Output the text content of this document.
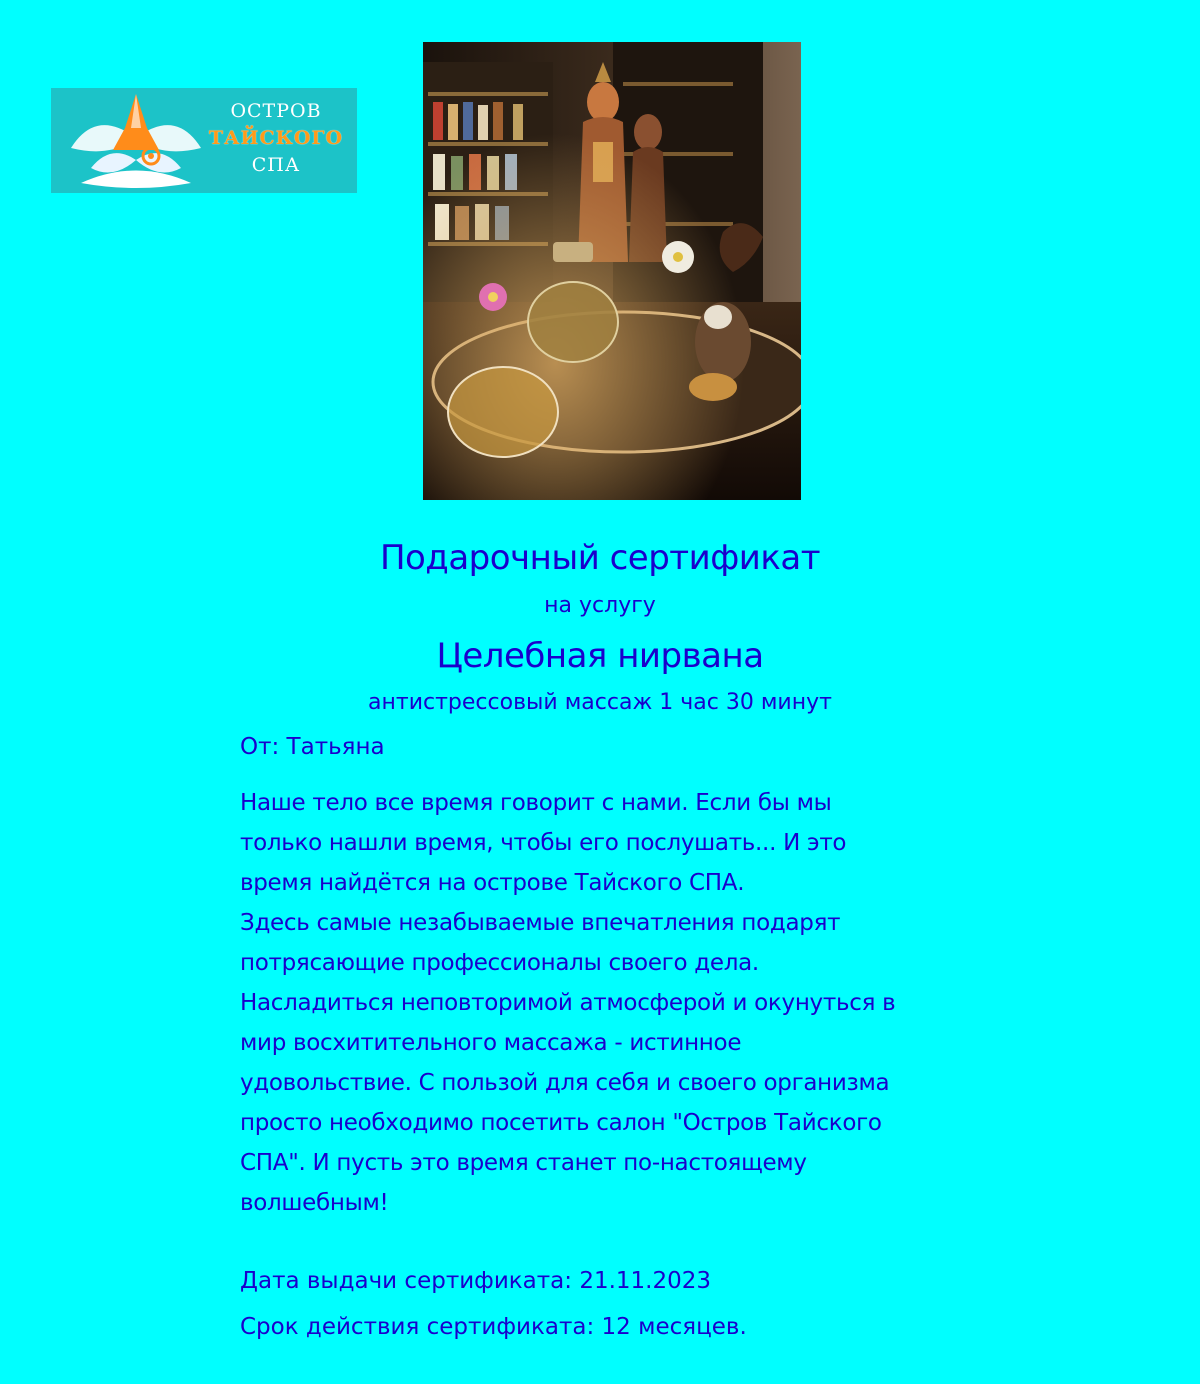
ОСТРОВ
ТАЙСКОГО
СПА
Подарочный сертификат
на услугу
Целебная нирвана
антистрессовый массаж 1 час 30 минут
От: Татьяна
Наше тело все время говорит с нами. Если бы мы
только нашли время, чтобы его послушать... И это
время найдётся на острове Тайского СПА.
Здесь самые незабываемые впечатления подарят
потрясающие профессионалы своего дела.
Насладиться неповторимой атмосферой и окунуться в
мир восхитительного массажа - истинное
удовольствие. С пользой для себя и своего организма
просто необходимо посетить салон "Остров Тайского
СПА". И пусть это время станет по-настоящему
волшебным!
Дата выдачи сертификата: 21.11.2023
Срок действия сертификата: 12 месяцев.
